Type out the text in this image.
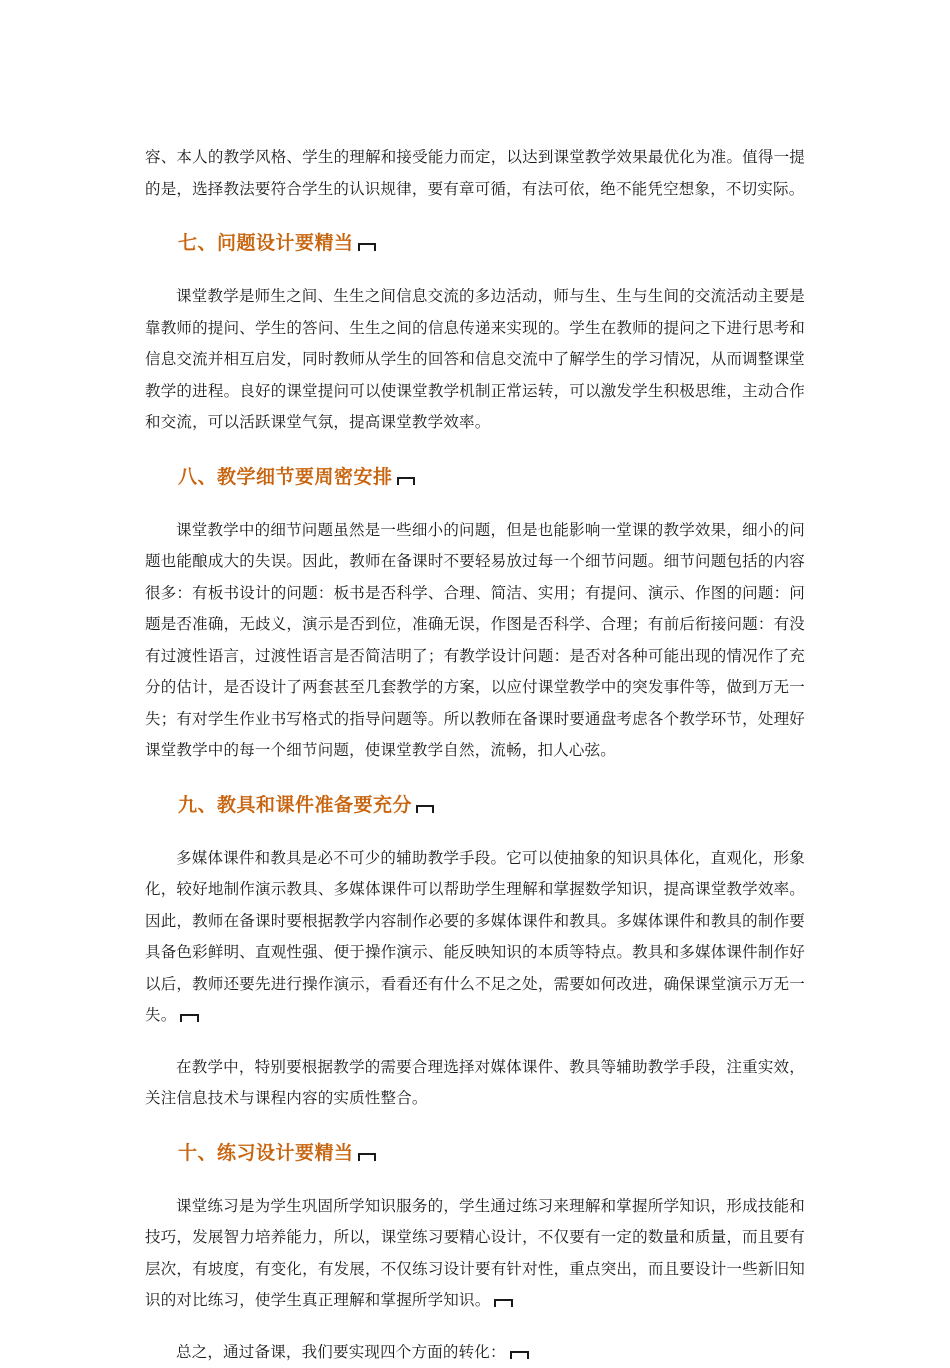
容、本人的教学风格、学生的理解和接受能力而定，以达到课堂教学效果最优化为准。值得一提的是，选择教法要符合学生的认识规律，要有章可循，有法可依，绝不能凭空想象，不切实际。

七、问题设计要精当

课堂教学是师生之间、生生之间信息交流的多边活动，师与生、生与生间的交流活动主要是靠教师的提问、学生的答问、生生之间的信息传递来实现的。学生在教师的提问之下进行思考和信息交流并相互启发，同时教师从学生的回答和信息交流中了解学生的学习情况，从而调整课堂教学的进程。良好的课堂提问可以使课堂教学机制正常运转，可以激发学生积极思维，主动合作和交流，可以活跃课堂气氛，提高课堂教学效率。

八、教学细节要周密安排

课堂教学中的细节问题虽然是一些细小的问题，但是也能影响一堂课的教学效果，细小的问题也能酿成大的失误。因此，教师在备课时不要轻易放过每一个细节问题。细节问题包括的内容很多：有板书设计的问题：板书是否科学、合理、简洁、实用；有提问、演示、作图的问题：问题是否准确，无歧义，演示是否到位，准确无误，作图是否科学、合理；有前后衔接问题：有没有过渡性语言，过渡性语言是否简洁明了；有教学设计问题：是否对各种可能出现的情况作了充分的估计，是否设计了两套甚至几套教学的方案，以应付课堂教学中的突发事件等，做到万无一失；有对学生作业书写格式的指导问题等。所以教师在备课时要通盘考虑各个教学环节，处理好课堂教学中的每一个细节问题，使课堂教学自然，流畅，扣人心弦。

九、教具和课件准备要充分

多媒体课件和教具是必不可少的辅助教学手段。它可以使抽象的知识具体化，直观化，形象化，较好地制作演示教具、多媒体课件可以帮助学生理解和掌握数学知识，提高课堂教学效率。因此，教师在备课时要根据教学内容制作必要的多媒体课件和教具。多媒体课件和教具的制作要具备色彩鲜明、直观性强、便于操作演示、能反映知识的本质等特点。教具和多媒体课件制作好以后，教师还要先进行操作演示，看看还有什么不足之处，需要如何改进，确保课堂演示万无一失。

在教学中，特别要根据教学的需要合理选择对媒体课件、教具等辅助教学手段，注重实效，关注信息技术与课程内容的实质性整合。

十、练习设计要精当

课堂练习是为学生巩固所学知识服务的，学生通过练习来理解和掌握所学知识，形成技能和技巧，发展智力培养能力，所以，课堂练习要精心设计，不仅要有一定的数量和质量，而且要有层次，有坡度，有变化，有发展，不仅练习设计要有针对性，重点突出，而且要设计一些新旧知识的对比练习，使学生真正理解和掌握所学知识。

总之，通过备课，我们要实现四个方面的转化：
